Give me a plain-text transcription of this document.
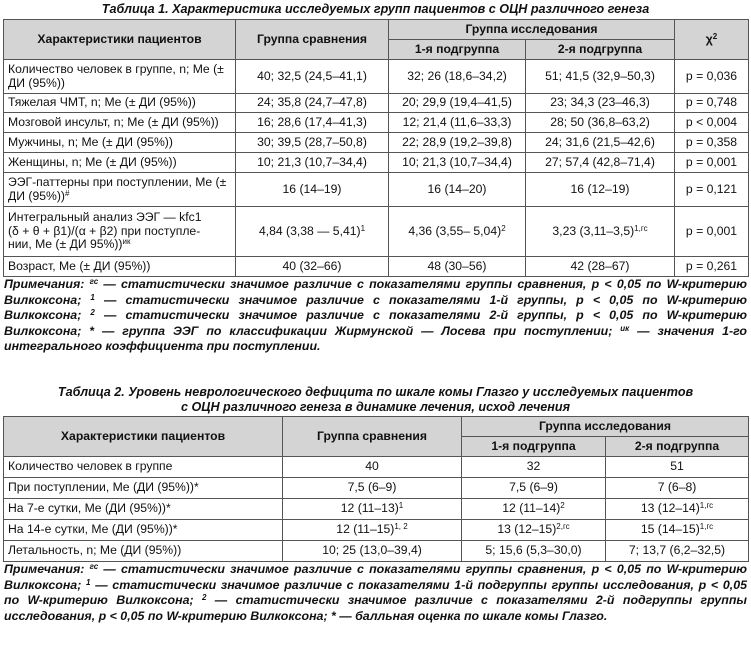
Таблица 1. Характеристика исследуемых групп пациентов с ОЦН различного генеза

Характеристики пациентов	Группа сравнения	Группа исследования		$\chi^2$
		1-я подгруппа	2-я подгруппа	
Количество человек в группе, n; Me (± ДИ (95%))	40; 32,5 (24,5–41,1)	32; 26 (18,6–34,2)	51; 41,5 (32,9–50,3)	p = 0,036
Тяжелая ЧМТ, n; Me (± ДИ (95%))	24; 35,8 (24,7–47,8)	20; 29,9 (19,4–41,5)	23; 34,3 (23–46,3)	p = 0,748
Мозговой инсульт, n; Me (± ДИ (95%))	16; 28,6 (17,4–41,3)	12; 21,4 (11,6–33,3)	28; 50 (36,8–63,2)	p < 0,004
Мужчины, n; Me (± ДИ (95%))	30; 39,5 (28,7–50,8)	22; 28,9 (19,2–39,8)	24; 31,6 (21,5–42,6)	p = 0,358
Женщины, n; Me (± ДИ (95%))	10; 21,3 (10,7–34,4)	10; 21,3 (10,7–34,4)	27; 57,4 (42,8–71,4)	p = 0,001
ЭЭГ-паттерны при поступлении, Me (± ДИ (95%))#	16 (14–19)	16 (14–20)	16 (12–19)	p = 0,121

Интегральный анализ ЭЭГ — kfc1
(δ + θ + β1)/(α + β2) при поступле-
нии, Me (± ДИ 95%))$^{ик}$	4,84 (3,38 — 5,41)$^1$	4,36 (3,55– 5,04)$^2$	3,23 $(3,11-3,5)^{1,гс}$	p = 0,001
Возраст, Me (± ДИ (95%))	40 (32–66)	48 (30–56)	42 (28–67)	p = 0,261

Примечания: $^{гс}$ — статистически значимое различие с показателями группы сравнения, p < 0,05 по W-критерию Вилкоксона; $^1$ — статистически значимое различие с показателями 1-й группы, p < 0,05 по W-критерию Вилкоксона; $^2$ — статистически значимое различие с показателями 2-й группы, p < 0,05 по W-критерию Вилкоксона; * — группа ЭЭГ по классификации Жирмунской — Лосева при поступлении; $^{ик}$ — значения 1-го интегрального коэффициента при поступлении.

Таблица 2. Уровень неврологического дефицита по шкале комы Глазго у исследуемых пациентов

с ОЦН различного генеза в динамике лечения, исход лечения

Характеристики пациентов	Группа сравнения	Группа исследования	
		1-я подгруппа	2-я подгруппа
Количество человек в группе	40	32	51
При поступлении, Me (ДИ (95%))*	7,5 (6–9)	7,5 (6–9)	7 (6–8)
На 7-е сутки, Me (ДИ (95%))*	12 $(11-13)^1$	12 $(11-14)^2$	13 $(12-14)^{1,гс}$
На 14-е сутки, Me (ДИ (95%))*	12 $(11-15)^{1, 2}$	13 $(12-15)^{2,гс}$	15 $(14-15)^{1,гс}$
Летальность, n; Me (ДИ (95%))	10; 25 (13,0–39,4)	5; 15,6 (5,3–30,0)	7; 13,7 (6,2–32,5)

Примечания: $^{гс}$ — статистически значимое различие с показателями группы сравнения, p < 0,05 по W-критерию Вилкоксона; $^1$ — статистически значимое различие с показателями 1-й подгруппы группы исследования, p < 0,05 по W-критерию Вилкоксона; $^2$ — статистически значимое различие с показателями 2-й подгруппы группы исследования, p < 0,05 по W-критерию Вилкоксона; * — балльная оценка по шкале комы Глазго.
